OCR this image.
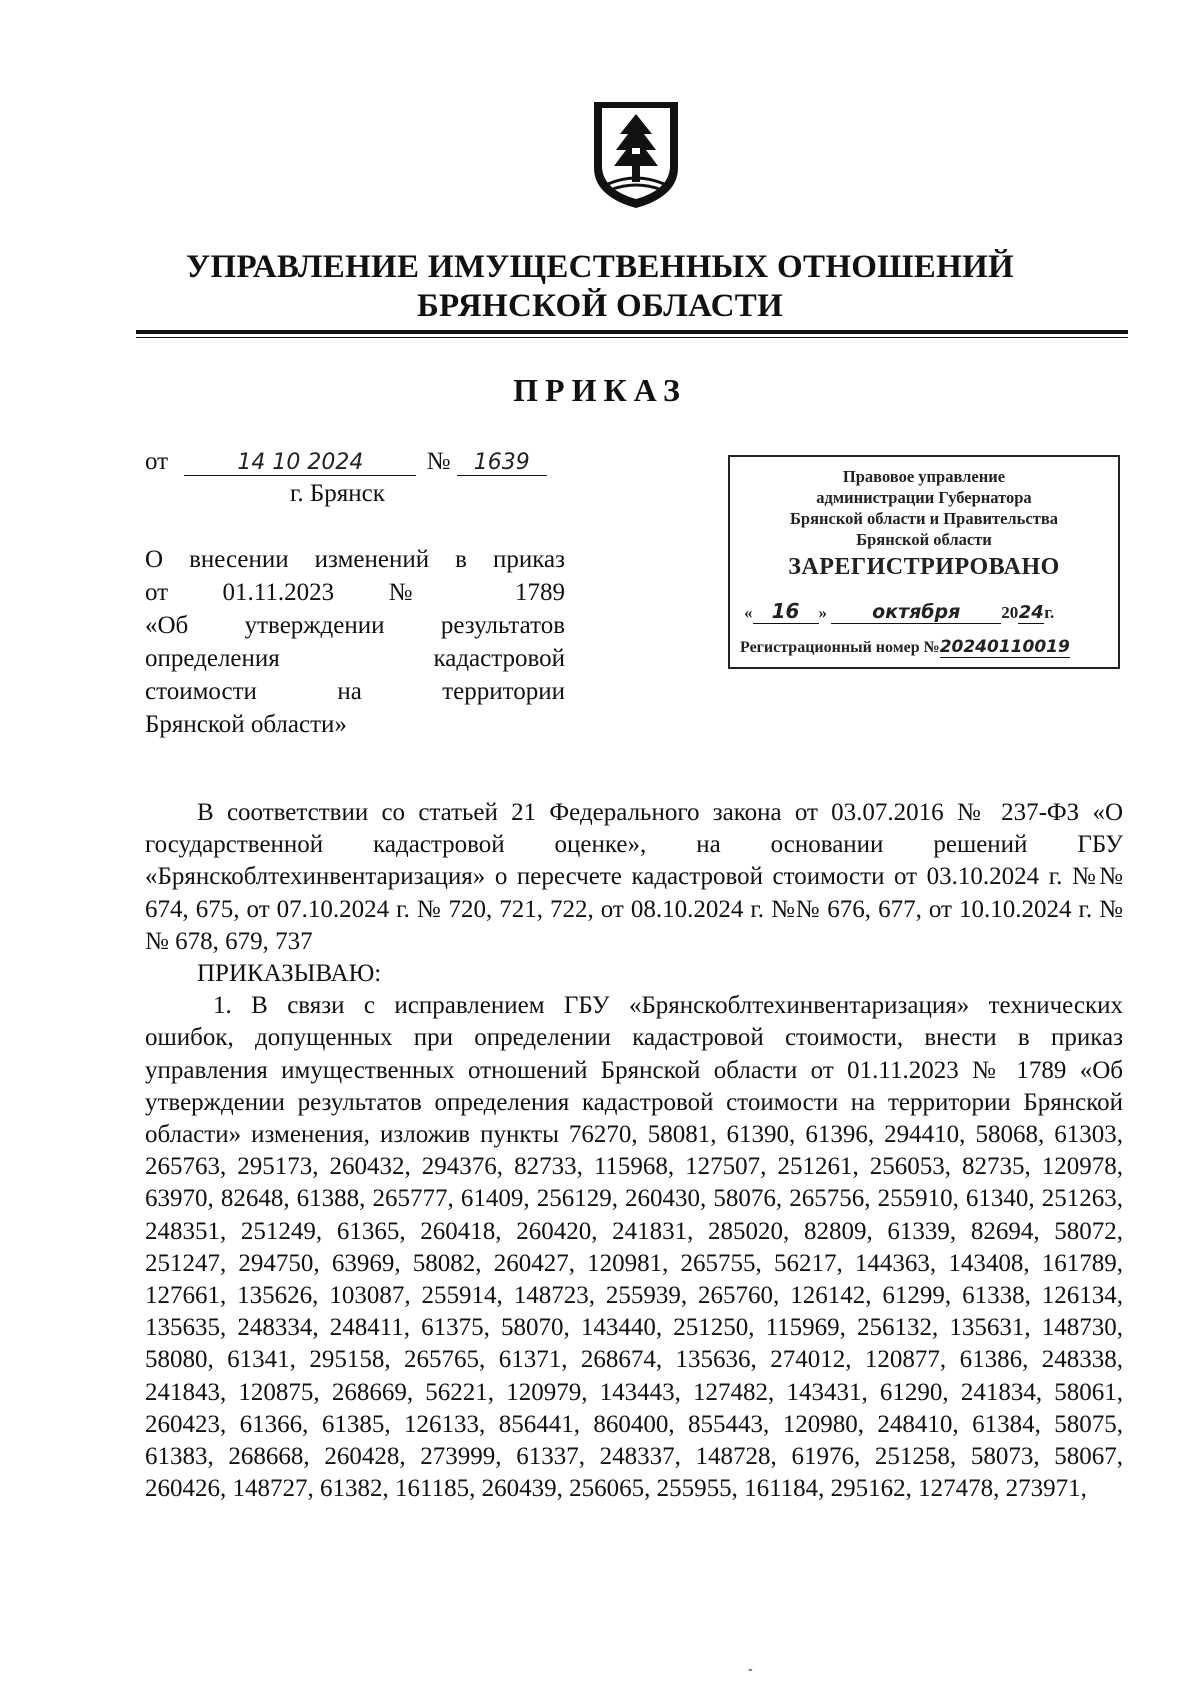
УПРАВЛЕНИЕ ИМУЩЕСТВЕННЫХ ОТНОШЕНИЙ
БРЯНСКОЙ ОБЛАСТИ
ПРИКАЗ
от	14 10 2024	№ 1639
г. Брянск
О внесении изменений в приказ
от 01.11.2023 № 1789
«Об утверждении результатов
определения	кадастровой
стоимости	на	территории
Брянской области»
Правовое управление
администрации Губернатора
Брянской области и Правительства
Брянской области
ЗАРЕГИСТРИРОВАНО
« 16 » октября 2024г.
Регистрационный номер №20240110019

В соответствии со статьей 21 Федерального закона от 03.07.2016 № 237-ФЗ «О государственной кадастровой оценке», на основании решений ГБУ «Брянскоблтехинвентаризация» о пересчете кадастровой стоимости от 03.10.2024 г. №№ 674, 675, от 07.10.2024 г. № 720, 721, 722, от 08.10.2024 г. №№ 676, 677, от 10.10.2024 г. №№ 678, 679, 737

ПРИКАЗЫВАЮ:

1. В связи с исправлением ГБУ «Брянскоблтехинвентаризация» технических ошибок, допущенных при определении кадастровой стоимости, внести в приказ управления имущественных отношений Брянской области от 01.11.2023 № 1789 «Об утверждении результатов определения кадастровой стоимости на территории Брянской области» изменения, изложив пункты 76270, 58081, 61390, 61396, 294410, 58068, 61303, 265763, 295173, 260432, 294376, 82733, 115968, 127507, 251261, 256053, 82735, 120978, 63970, 82648, 61388, 265777, 61409, 256129, 260430, 58076, 265756, 255910, 61340, 251263, 248351, 251249, 61365, 260418, 260420, 241831, 285020, 82809, 61339, 82694, 58072, 251247, 294750, 63969, 58082, 260427, 120981, 265755, 56217, 144363, 143408, 161789, 127661, 135626, 103087, 255914, 148723, 255939, 265760, 126142, 61299, 61338, 126134, 135635, 248334, 248411, 61375, 58070, 143440, 251250, 115969, 256132, 135631, 148730, 58080, 61341, 295158, 265765, 61371, 268674, 135636, 274012, 120877, 61386, 248338, 241843, 120875, 268669, 56221, 120979, 143443, 127482, 143431, 61290, 241834, 58061, 260423, 61366, 61385, 126133, 856441, 860400, 855443, 120980, 248410, 61384, 58075, 61383, 268668, 260428, 273999, 61337, 248337, 148728, 61976, 251258, 58073, 58067, 260426, 148727, 61382, 161185, 260439, 256065, 255955, 161184, 295162, 127478, 273971,

-
